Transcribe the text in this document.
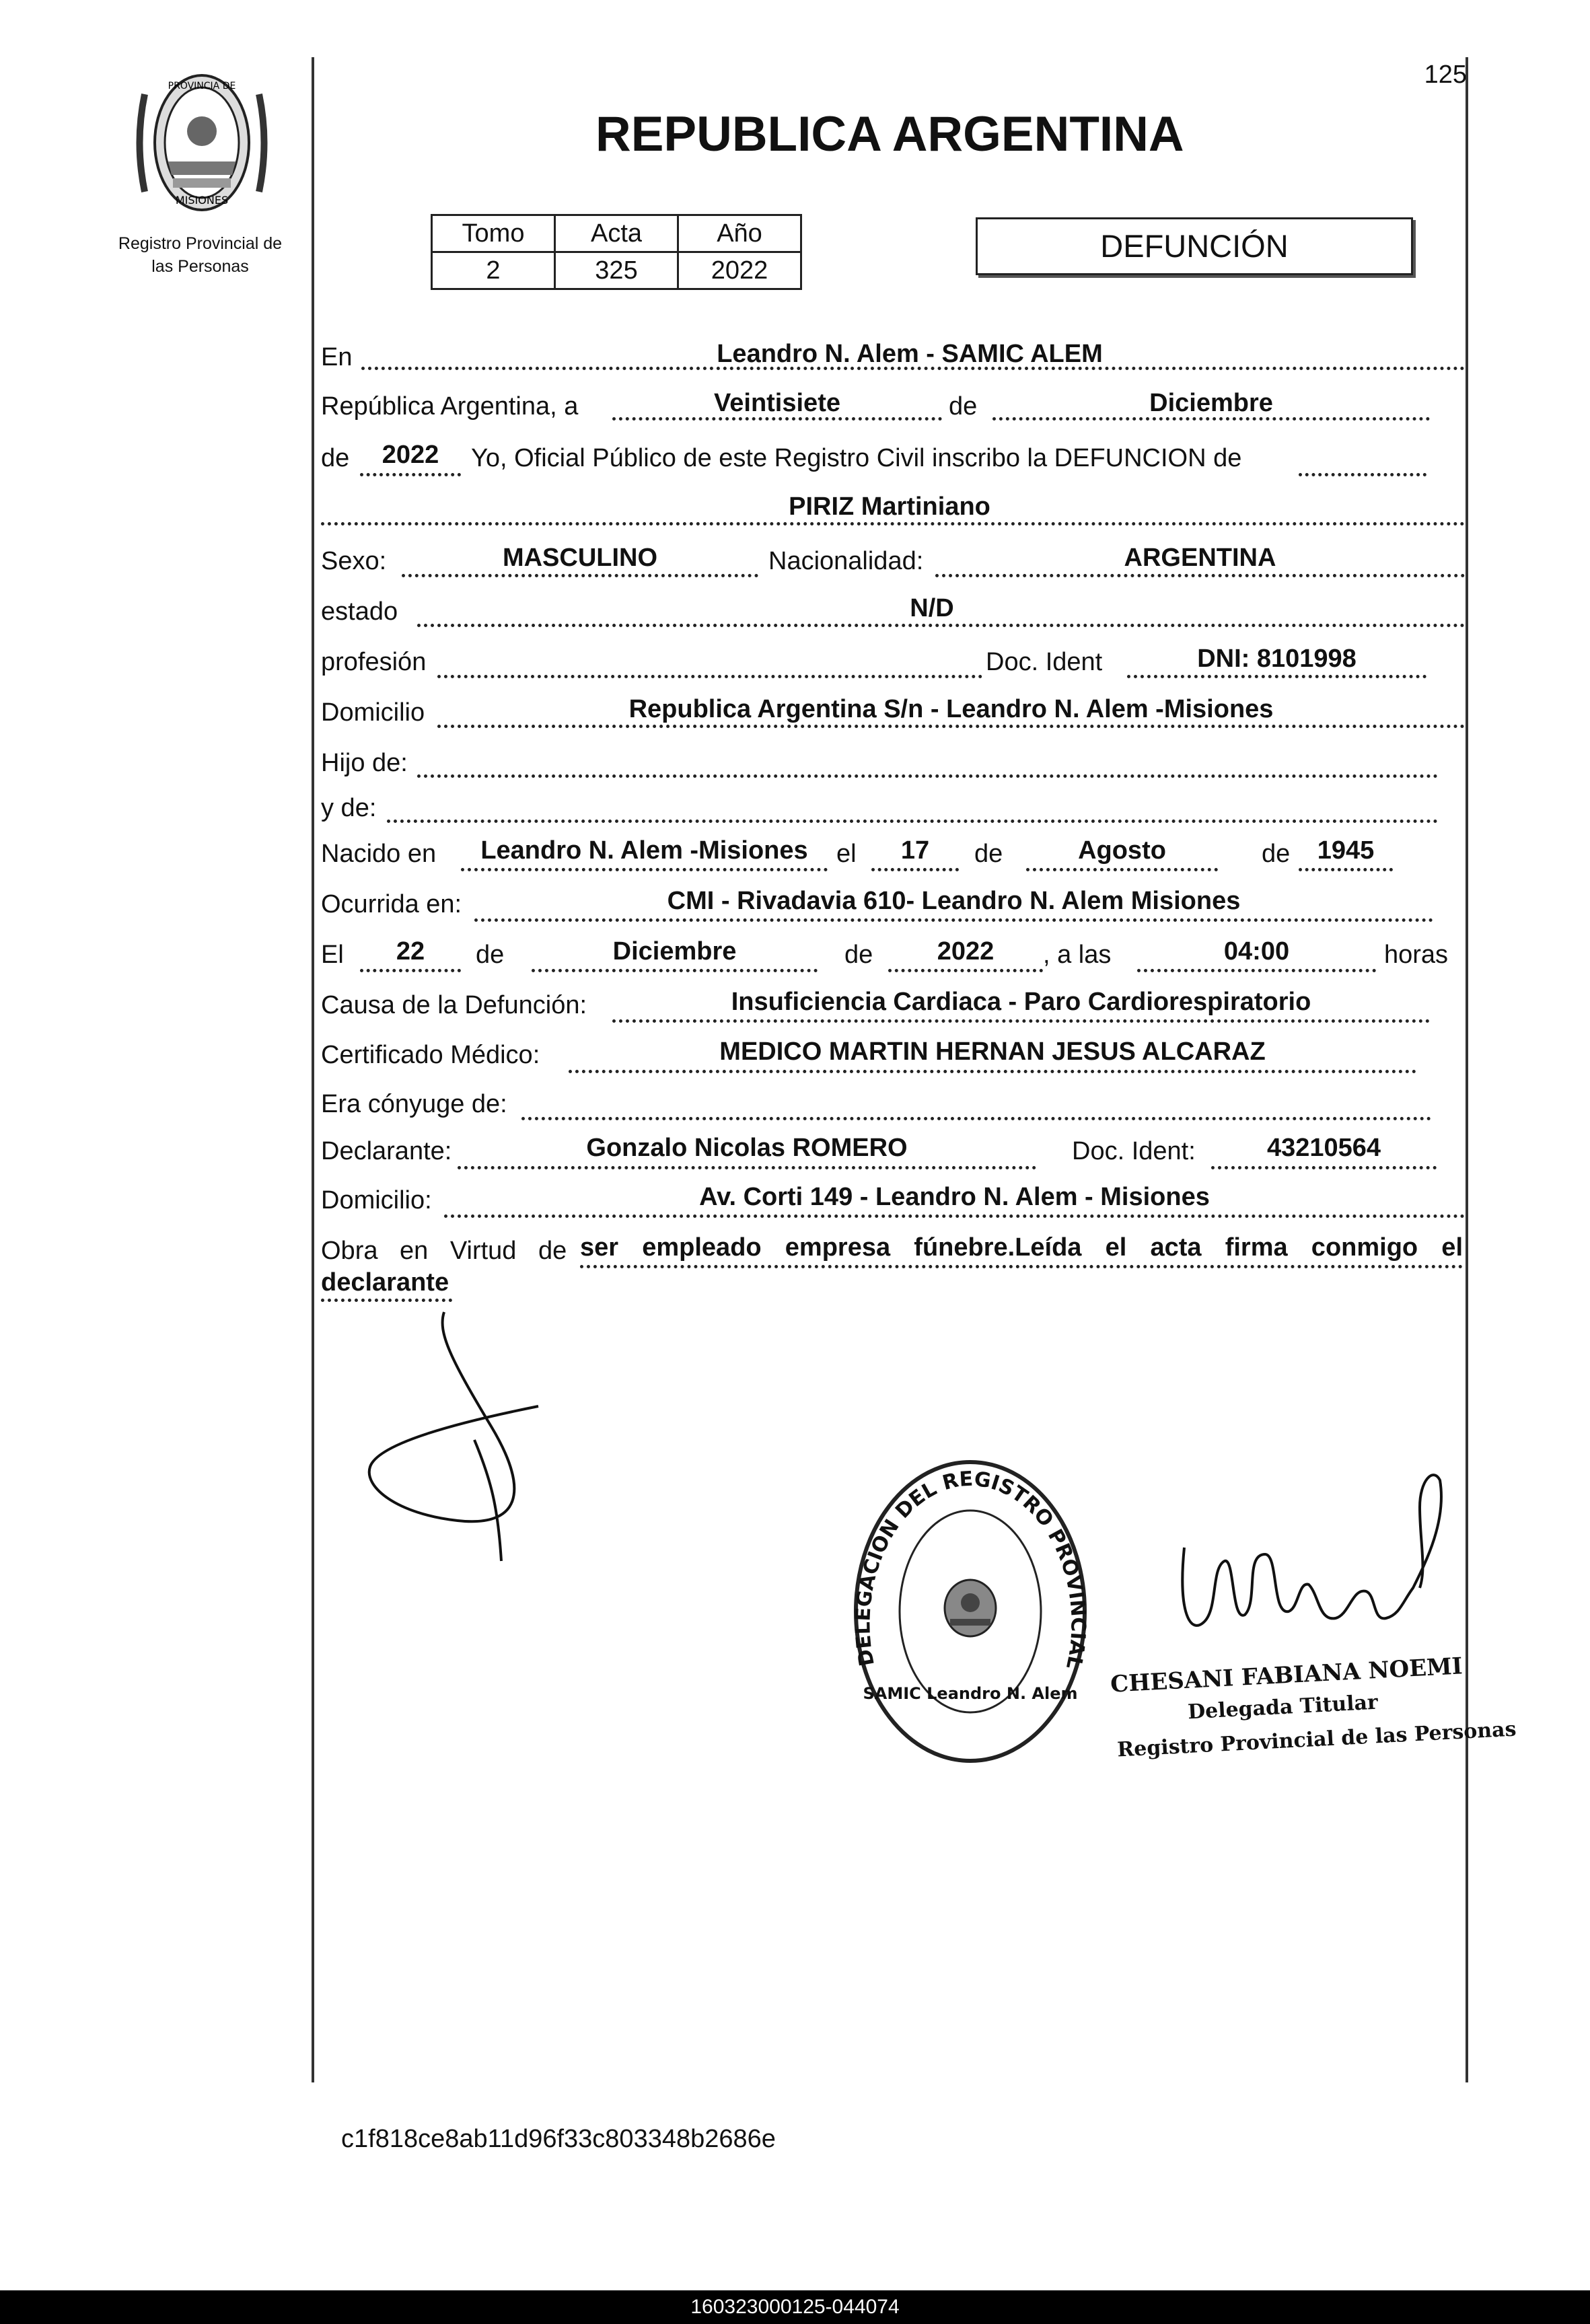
125
PROVINCIA DE
MISIONES
Registro Provincial de
las Personas
REPUBLICA ARGENTINA
Tomo	Acta	Año
2	325	2022
DEFUNCIÓN
En	Leandro N. Alem - SAMIC ALEM
República Argentina, a	Veintisiete	de	Diciembre
de	2022	Yo, Oficial Público de este Registro Civil inscribo la DEFUNCION de
PIRIZ Martiniano
Sexo:	MASCULINO	Nacionalidad:	ARGENTINA
estado	N/D
profesión	Doc. Ident	DNI: 8101998
Domicilio	Republica Argentina S/n - Leandro N. Alem -Misiones
Hijo de:
y de:
Nacido en	Leandro N. Alem -Misiones	el	17	de	Agosto	de	1945
Ocurrida en:	CMI - Rivadavia 610- Leandro N. Alem Misiones
El	22	de	Diciembre	de	2022	, a las	04:00	horas
Causa de la Defunción:	Insuficiencia Cardiaca - Paro Cardiorespiratorio
Certificado Médico:	MEDICO MARTIN HERNAN JESUS ALCARAZ
Era cónyuge de:
Declarante:	Gonzalo Nicolas ROMERO	Doc. Ident:	43210564
Domicilio:	Av. Corti 149 - Leandro N. Alem - Misiones
Obra en Virtud de ser empleado empresa fúnebre.Leída el acta firma conmigo el
declarante
DELEGACION DEL REGISTRO PROVINCIAL
SAMIC Leandro N. Alem CHESANI FABIANA NOEMI
Delegada Titular
Registro Provincial de las Personas
c1f818ce8ab11d96f33c803348b2686e
160323000125-044074
